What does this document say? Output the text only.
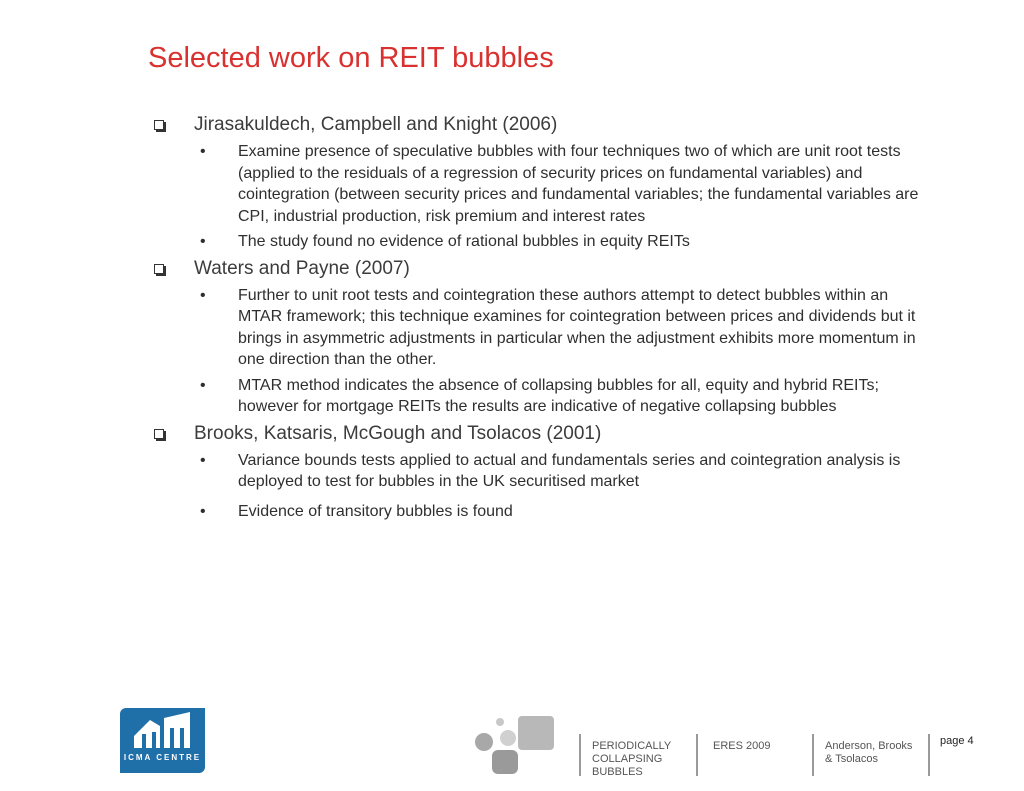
Selected work on REIT bubbles
Jirasakuldech, Campbell and Knight (2006)
• Examine presence of speculative bubbles with four techniques two of which are unit root tests (applied to the residuals of a regression of security prices on fundamental variables) and cointegration (between security prices and fundamental variables; the fundamental variables are CPI, industrial production, risk premium and interest rates
• The study found no evidence of rational bubbles in equity REITs
Waters and Payne (2007)
• Further to unit root tests and cointegration these authors attempt to detect bubbles within an MTAR framework; this technique examines for cointegration between prices and dividends but it brings in asymmetric adjustments in particular when the adjustment exhibits more momentum in one direction than the other.
• MTAR method indicates the absence of collapsing bubbles for all, equity and hybrid REITs; however for mortgage REITs the results are indicative of negative collapsing bubbles
Brooks, Katsaris, McGough and Tsolacos (2001)
• Variance bounds tests applied to actual and fundamentals series and cointegration analysis is deployed to test for bubbles in the UK securitised market
• Evidence of transitory bubbles is found
ICMA CENTRE
PERIODICALLY
COLLAPSING
BUBBLES
ERES 2009	Anderson, Brooks
& Tsolacos
page 4
